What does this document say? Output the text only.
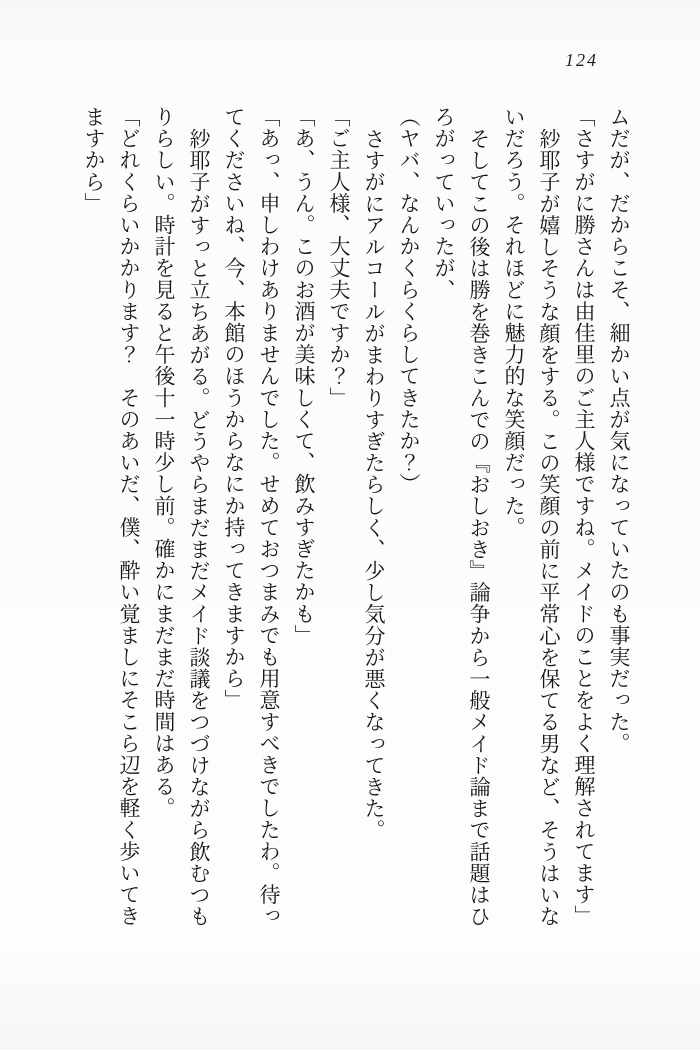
124

ムだが、だからこそ、細かい点が気になっていたのも事実だった。

「さすがに勝さんは由佳里のご主人様ですね。メイドのことをよく理解されてます」

紗耶子が嬉しそうな顔をする。この笑顔の前に平常心を保てる男など、そうはいな

いだろう。それほどに魅力的な笑顔だった。

そしてこの後は勝を巻きこんでの『おしおき』論争から一般メイド論まで話題はひ

ろがっていったが、

（ヤバ、なんかくらくらしてきたか？）

さすがにアルコールがまわりすぎたらしく、少し気分が悪くなってきた。

「ご主人様、大丈夫ですか？」

「あ、うん。このお酒が美味しくて、飲みすぎたかも」

「あっ、申しわけありませんでした。せめておつまみでも用意すべきでしたわ。待っ

てくださいね、今、本館のほうからなにか持ってきますから」

紗耶子がすっと立ちあがる。どうやらまだまだメイド談議をつづけながら飲むつも

りらしい。時計を見ると午後十一時少し前。確かにまだまだ時間はある。

「どれくらいかかります？　そのあいだ、僕、酔い覚ましにそこら辺を軽く歩いてき

ますから」
